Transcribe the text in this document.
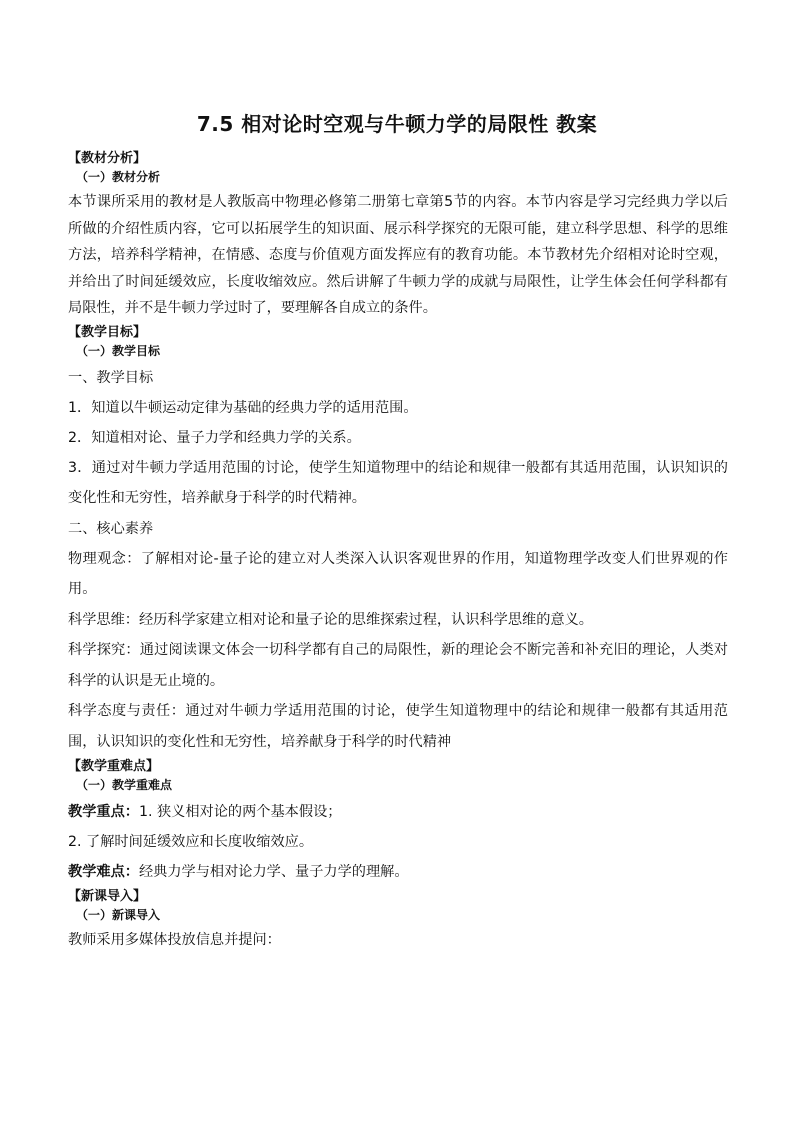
7.5 相对论时空观与牛顿力学的局限性 教案

【教材分析】

（一）教材分析

本节课所采用的教材是人教版高中物理必修第二册第七章第5节的内容。本节内容是学习完经典力学以后所做的介绍性质内容，它可以拓展学生的知识面、展示科学探究的无限可能，建立科学思想、科学的思维方法，培养科学精神，在情感、态度与价值观方面发挥应有的教育功能。本节教材先介绍相对论时空观，并给出了时间延缓效应，长度收缩效应。然后讲解了牛顿力学的成就与局限性，让学生体会任何学科都有局限性，并不是牛顿力学过时了，要理解各自成立的条件。

【教学目标】

（一）教学目标

一、教学目标

1．知道以牛顿运动定律为基础的经典力学的适用范围。

2．知道相对论、量子力学和经典力学的关系。

3．通过对牛顿力学适用范围的讨论，使学生知道物理中的结论和规律一般都有其适用范围，认识知识的变化性和无穷性，培养献身于科学的时代精神。

二、核心素养

物理观念：了解相对论-量子论的建立对人类深入认识客观世界的作用，知道物理学改变人们世界观的作用。

科学思维：经历科学家建立相对论和量子论的思维探索过程，认识科学思维的意义。

科学探究：通过阅读课文体会一切科学都有自己的局限性，新的理论会不断完善和补充旧的理论，人类对科学的认识是无止境的。

科学态度与责任：通过对牛顿力学适用范围的讨论，使学生知道物理中的结论和规律一般都有其适用范围，认识知识的变化性和无穷性，培养献身于科学的时代精神

【教学重难点】

（一）教学重难点

教学重点：1. 狭义相对论的两个基本假设；

2. 了解时间延缓效应和长度收缩效应。

教学难点：经典力学与相对论力学、量子力学的理解。

【新课导入】

（一）新课导入

教师采用多媒体投放信息并提问：
